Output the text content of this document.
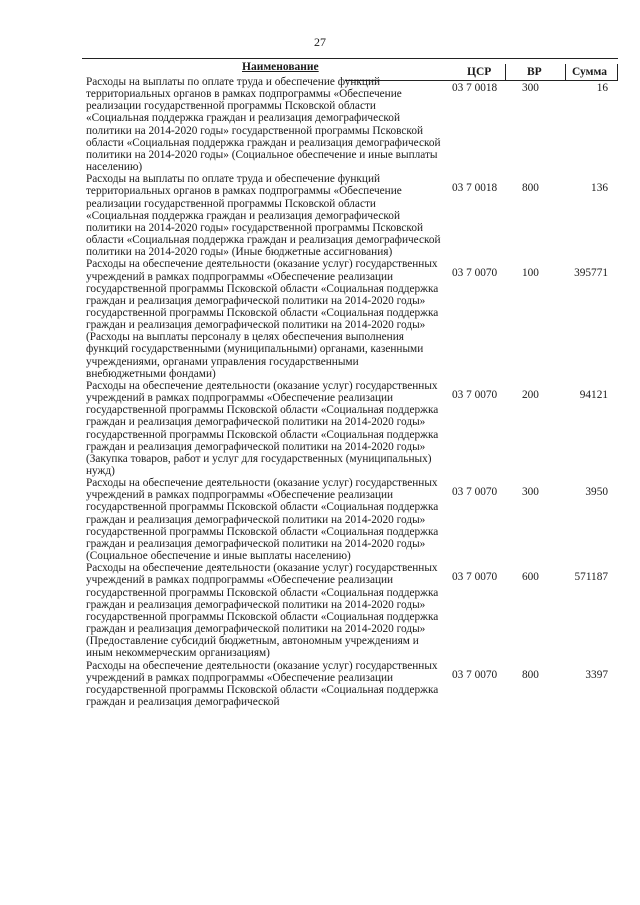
27
Наименование	ЦСР	ВР	Сумма
Расходы на выплаты по оплате труда и обеспечение функций территориальных органов в рамках подпрограммы «Обеспечение реализации государственной программы Псковской области «Социальная поддержка граждан и реализация демографической политики на 2014-2020 годы» государственной программы Псковской области «Социальная поддержка граждан и реализация демографической политики на 2014-2020 годы» (Социальное обеспечение и иные выплаты населению)
03 7 0018 300	16
Расходы на выплаты по оплате труда и обеспечение функций территориальных органов в рамках подпрограммы «Обеспечение реализации государственной программы Псковской области «Социальная поддержка граждан и реализация демографической политики на 2014-2020 годы» государственной программы Псковской области «Социальная поддержка граждан и реализация демографической политики на 2014-2020 годы» (Иные бюджетные ассигнования)
03 7 0018 800	136
Расходы на обеспечение деятельности (оказание услуг) государственных учреждений в рамках подпрограммы «Обеспечение реализации государственной программы Псковской области «Социальная поддержка граждан и реализация демографической политики на 2014-2020 годы» государственной программы Псковской области «Социальная поддержка граждан и реализация демографической политики на 2014-2020 годы» (Расходы на выплаты персоналу в целях обеспечения выполнения функций государственными (муниципальными) органами, казенными учреждениями, органами управления государственными внебюджетными фондами)
03 7 0070 100	395771
Расходы на обеспечение деятельности (оказание услуг) государственных учреждений в рамках подпрограммы «Обеспечение реализации государственной программы Псковской области «Социальная поддержка граждан и реализация демографической политики на 2014-2020 годы» государственной программы Псковской области «Социальная поддержка граждан и реализация демографической политики на 2014-2020 годы» (Закупка товаров, работ и услуг для государственных (муниципальных) нужд)
03 7 0070 200	94121
Расходы на обеспечение деятельности (оказание услуг) государственных учреждений в рамках подпрограммы «Обеспечение реализации государственной программы Псковской области «Социальная поддержка граждан и реализация демографической политики на 2014-2020 годы» государственной программы Псковской области «Социальная поддержка граждан и реализация демографической политики на 2014-2020 годы» (Социальное обеспечение и иные выплаты населению)
03 7 0070 300	3950
Расходы на обеспечение деятельности (оказание услуг) государственных учреждений в рамках подпрограммы «Обеспечение реализации государственной программы Псковской области «Социальная поддержка граждан и реализация демографической политики на 2014-2020 годы» государственной программы Псковской области «Социальная поддержка граждан и реализация демографической политики на 2014-2020 годы» (Предоставление субсидий бюджетным, автономным учреждениям и иным некоммерческим организациям)
03 7 0070 600	571187
Расходы на обеспечение деятельности (оказание услуг) государственных учреждений в рамках подпрограммы «Обеспечение реализации государственной программы Псковской области «Социальная поддержка граждан и реализация демографической
03 7 0070 800	3397
